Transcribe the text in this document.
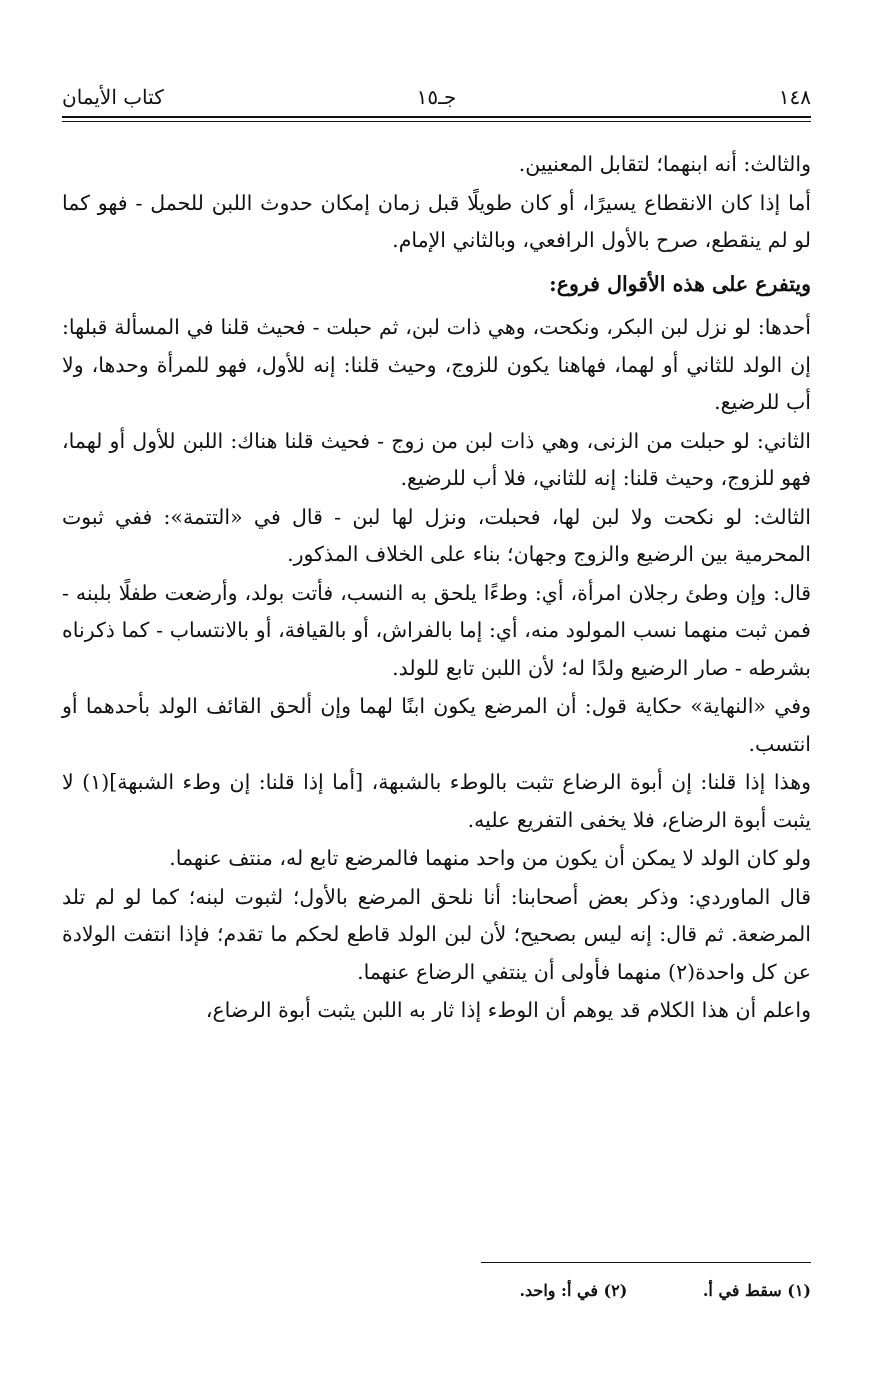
١٤٨
جـ١٥
كتاب الأيمان

والثالث: أنه ابنهما؛ لتقابل المعنيين.

أما إذا كان الانقطاع يسيرًا، أو كان طويلًا قبل زمان إمكان حدوث اللبن للحمل - فهو كما لو لم ينقطع، صرح بالأول الرافعي، وبالثاني الإمام.

ويتفرع على هذه الأقوال فروع:

أحدها: لو نزل لبن البكر، ونكحت، وهي ذات لبن، ثم حبلت - فحيث قلنا في المسألة قبلها: إن الولد للثاني أو لهما، فهاهنا يكون للزوج، وحيث قلنا: إنه للأول، فهو للمرأة وحدها، ولا أب للرضيع.

الثاني: لو حبلت من الزنى، وهي ذات لبن من زوج - فحيث قلنا هناك: اللبن للأول أو لهما، فهو للزوج، وحيث قلنا: إنه للثاني، فلا أب للرضيع.

الثالث: لو نكحت ولا لبن لها، فحبلت، ونزل لها لبن - قال في «التتمة»: ففي ثبوت المحرمية بين الرضيع والزوج وجهان؛ بناء على الخلاف المذكور.

قال: وإن وطئ رجلان امرأة، أي: وطءًا يلحق به النسب، فأتت بولد، وأرضعت طفلًا بلبنه - فمن ثبت منهما نسب المولود منه، أي: إما بالفراش، أو بالقيافة، أو بالانتساب - كما ذكرناه بشرطه - صار الرضيع ولدًا له؛ لأن اللبن تابع للولد.

وفي «النهاية» حكاية قول: أن المرضع يكون ابنًا لهما وإن ألحق القائف الولد بأحدهما أو انتسب.

وهذا إذا قلنا: إن أبوة الرضاع تثبت بالوطء بالشبهة، [أما إذا قلنا: إن وطء الشبهة](١) لا يثبت أبوة الرضاع، فلا يخفى التفريع عليه.

ولو كان الولد لا يمكن أن يكون من واحد منهما فالمرضع تابع له، منتف عنهما.

قال الماوردي: وذكر بعض أصحابنا: أنا نلحق المرضع بالأول؛ لثبوت لبنه؛ كما لو لم تلد المرضعة. ثم قال: إنه ليس بصحيح؛ لأن لبن الولد قاطع لحكم ما تقدم؛ فإذا انتفت الولادة عن كل واحدة(٢) منهما فأولى أن ينتفي الرضاع عنهما.

واعلم أن هذا الكلام قد يوهم أن الوطء إذا ثار به اللبن يثبت أبوة الرضاع،

(١) سقط في أ. (٢) في أ: واحد.
